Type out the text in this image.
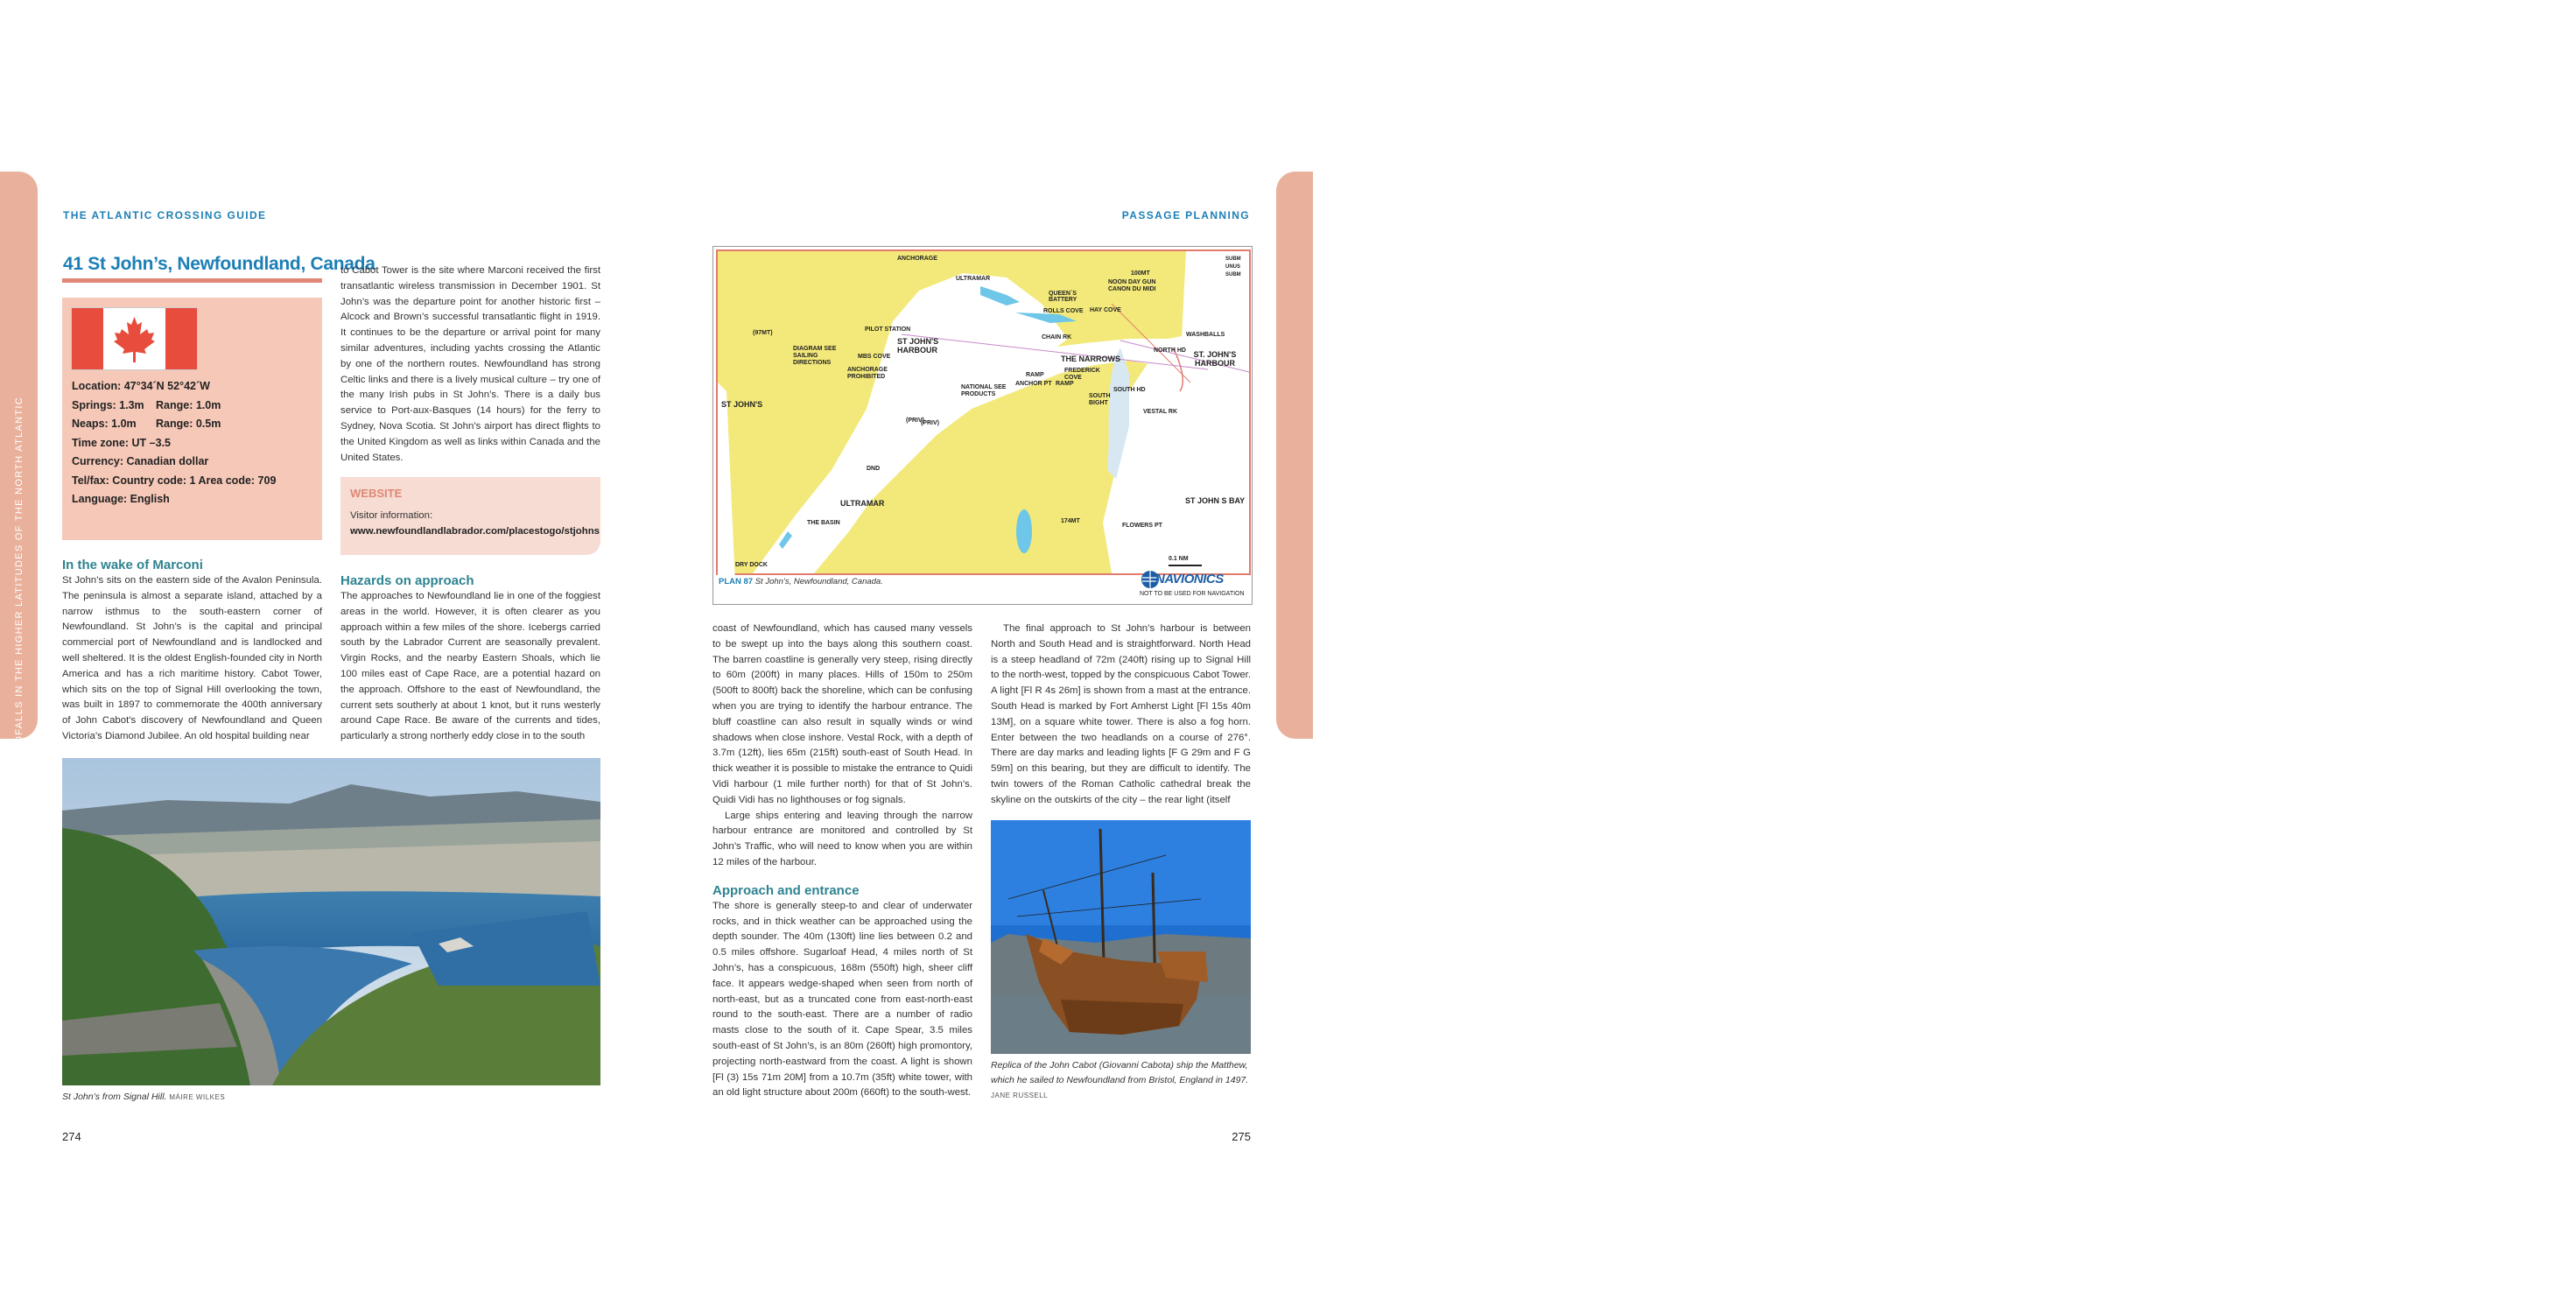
PASSAGES AND LANDFALLS IN THE HIGHER LATITUDES OF THE NORTH ATLANTIC	PASSAGES AND LANDFALLS IN THE HIGHER LATITUDES OF THE NORTH ATLANTIC
THE ATLANTIC CROSSING GUIDE	PASSAGE PLANNING
41 St John’s, Newfoundland, Canada

Location: 47°34´N 52°42´W

Springs: 1.3m Range: 1.0m

Neaps: 1.0m Range: 0.5m

Time zone: UT –3.5

Currency: Canadian dollar

Tel/fax: Country code: 1 Area code: 709

Language: English

In the wake of Marconi

St John’s sits on the eastern side of the Avalon Peninsula. The peninsula is almost a separate island, attached by a narrow isthmus to the south-eastern corner of Newfoundland. St John’s is the capital and principal commercial port of Newfoundland and is landlocked and well sheltered. It is the oldest English-founded city in North America and has a rich maritime history. Cabot Tower, which sits on the top of Signal Hill overlooking the town, was built in 1897 to commemorate the 400th anniversary of John Cabot’s discovery of Newfoundland and Queen Victoria’s Diamond Jubilee. An old hospital building near

to Cabot Tower is the site where Marconi received the first transatlantic wireless transmission in December 1901. St John’s was the departure point for another historic first – Alcock and Brown’s successful transatlantic flight in 1919. It continues to be the departure or arrival point for many similar adventures, including yachts crossing the Atlantic by one of the northern routes. Newfoundland has strong Celtic links and there is a lively musical culture – try one of the many Irish pubs in St John’s. There is a daily bus service to Port-aux-Basques (14 hours) for the ferry to Sydney, Nova Scotia. St John’s airport has direct flights to the United Kingdom as well as links within Canada and the United States.

WEBSITE
Visitor information:
www.newfoundlandlabrador.com/placestogo/stjohns

Hazards on approach

The approaches to Newfoundland lie in one of the foggiest areas in the world. However, it is often clearer as you approach within a few miles of the shore. Icebergs carried south by the Labrador Current are seasonally prevalent. Virgin Rocks, and the nearby Eastern Shoals, which lie 100 miles east of Cape Race, are a potential hazard on the approach. Offshore to the east of Newfoundland, the current sets southerly at about 1 knot, but it runs westerly around Cape Race. Be aware of the currents and tides, particularly a strong northerly eddy close in to the south

St John’s from Signal Hill. MÁIRE WILKES
ANCHORAGE
ULTRAMAR
NOON DAY GUN
CANON DU MIDI
100MT
QUEEN´S BATTERY
ROLLS COVE HAY COVE
PILOT STATION
(97MT)
ST JOHN'S HARBOUR
CHAIN RK
NORTH HD
THE NARROWS	ST. JOHN'S HARBOUR
WASHBALLS
DIAGRAM SEE SAILING DIRECTIONS
MBS COVE
ANCHORAGE PROHIBITED
NATIONAL SEE PRODUCTS
RAMP
ANCHOR PT RAMP
FREDERICK COVE
SOUTH HD
SOUTH BIGHT
VESTAL RK
ST JOHN'S
(PRIV)
(PRIV)
DND
ULTRAMAR
THE BASIN
DRY DOCK
174MT
ST JOHN S BAY
FLOWERS PT
SUBM UNUS SUBM
0.1 NM
PLAN 87 St John’s, Newfoundland, Canada.	NAVIONICS
NOT TO BE USED FOR NAVIGATION

coast of Newfoundland, which has caused many vessels to be swept up into the bays along this southern coast. The barren coastline is generally very steep, rising directly to 60m (200ft) in many places. Hills of 150m to 250m (500ft to 800ft) back the shoreline, which can be confusing when you are trying to identify the harbour entrance. The bluff coastline can also result in squally winds or wind shadows when close inshore. Vestal Rock, with a depth of 3.7m (12ft), lies 65m (215ft) south-east of South Head. In thick weather it is possible to mistake the entrance to Quidi Vidi harbour (1 mile further north) for that of St John’s. Quidi Vidi has no lighthouses or fog signals.

Large ships entering and leaving through the narrow harbour entrance are monitored and controlled by St John’s Traffic, who will need to know when you are within 12 miles of the harbour.

Approach and entrance

The shore is generally steep-to and clear of underwater rocks, and in thick weather can be approached using the depth sounder. The 40m (130ft) line lies between 0.2 and 0.5 miles offshore. Sugarloaf Head, 4 miles north of St John’s, has a conspicuous, 168m (550ft) high, sheer cliff face. It appears wedge-shaped when seen from north of north-east, but as a truncated cone from east-north-east round to the south-east. There are a number of radio masts close to the south of it. Cape Spear, 3.5 miles south-east of St John’s, is an 80m (260ft) high promontory, projecting north-eastward from the coast. A light is shown [Fl (3) 15s 71m 20M] from a 10.7m (35ft) white tower, with an old light structure about 200m (660ft) to the south-west.

The final approach to St John’s harbour is between North and South Head and is straightforward. North Head is a steep headland of 72m (240ft) rising up to Signal Hill to the north-west, topped by the conspicuous Cabot Tower. A light [Fl R 4s 26m] is shown from a mast at the entrance. South Head is marked by Fort Amherst Light [Fl 15s 40m 13M], on a square white tower. There is also a fog horn. Enter between the two headlands on a course of 276°. There are day marks and leading lights [F G 29m and F G 59m] on this bearing, but they are difficult to identify. The twin towers of the Roman Catholic cathedral break the skyline on the outskirts of the city – the rear light (itself

Replica of the John Cabot (Giovanni Cabota) ship the Matthew, which he sailed to Newfoundland from Bristol, England in 1497. JANE RUSSELL
274	275
